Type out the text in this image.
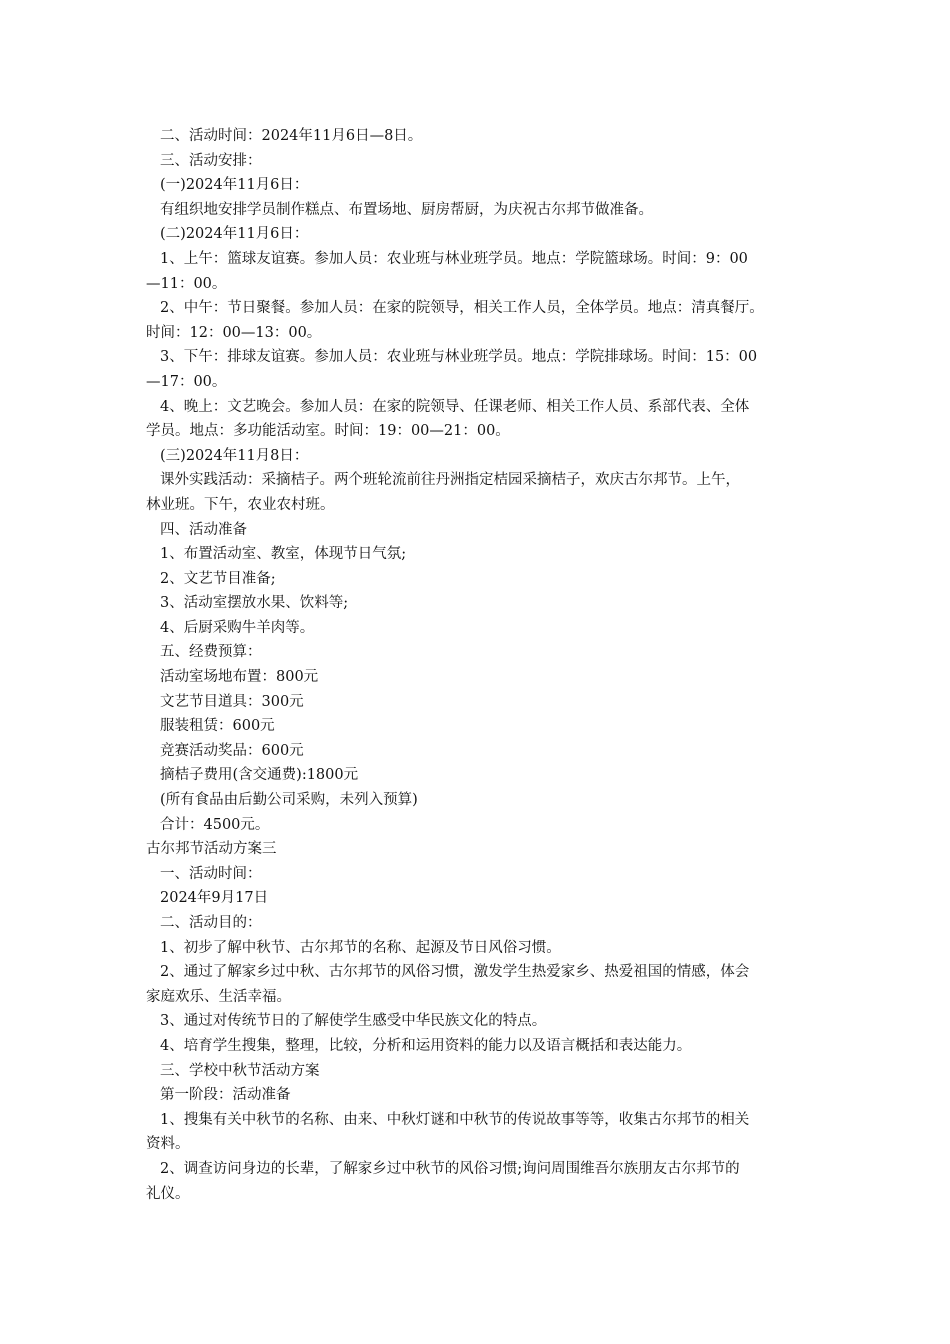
二、活动时间：2024年11月6日—8日。
三、活动安排：
(一)2024年11月6日：
有组织地安排学员制作糕点、布置场地、厨房帮厨，为庆祝古尔邦节做准备。
(二)2024年11月6日：
1、上午：篮球友谊赛。参加人员：农业班与林业班学员。地点：学院篮球场。时间：9：00
—11：00。
2、中午：节日聚餐。参加人员：在家的院领导，相关工作人员，全体学员。地点：清真餐厅。
时间：12：00—13：00。
3、下午：排球友谊赛。参加人员：农业班与林业班学员。地点：学院排球场。时间：15：00
—17：00。
4、晚上：文艺晚会。参加人员：在家的院领导、任课老师、相关工作人员、系部代表、全体
学员。地点：多功能活动室。时间：19：00—21：00。
(三)2024年11月8日：
课外实践活动：采摘桔子。两个班轮流前往丹洲指定桔园采摘桔子，欢庆古尔邦节。上午，
林业班。下午，农业农村班。
四、活动准备
1、布置活动室、教室，体现节日气氛;
2、文艺节目准备;
3、活动室摆放水果、饮料等;
4、后厨采购牛羊肉等。
五、经费预算：
活动室场地布置：800元
文艺节目道具：300元
服装租赁：600元
竞赛活动奖品：600元
摘桔子费用(含交通费):1800元
(所有食品由后勤公司采购，未列入预算)
合计：4500元。
古尔邦节活动方案三
一、活动时间：
2024年9月17日
二、活动目的：
1、初步了解中秋节、古尔邦节的名称、起源及节日风俗习惯。
2、通过了解家乡过中秋、古尔邦节的风俗习惯，激发学生热爱家乡、热爱祖国的情感，体会
家庭欢乐、生活幸福。
3、通过对传统节日的了解使学生感受中华民族文化的特点。
4、培育学生搜集，整理，比较，分析和运用资料的能力以及语言概括和表达能力。
三、学校中秋节活动方案
第一阶段：活动准备
1、搜集有关中秋节的名称、由来、中秋灯谜和中秋节的传说故事等等，收集古尔邦节的相关
资料。
2、调查访问身边的长辈，了解家乡过中秋节的风俗习惯;询问周围维吾尔族朋友古尔邦节的
礼仪。
